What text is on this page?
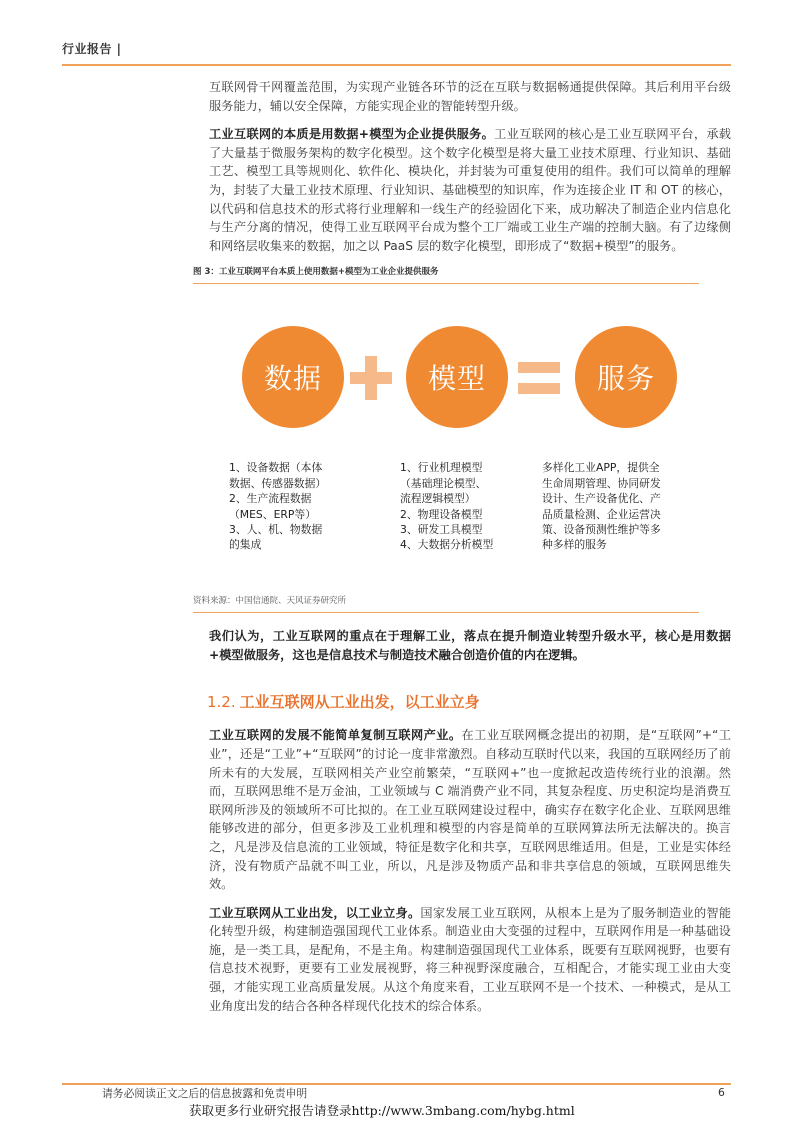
行业报告 |

互联网骨干网覆盖范围，为实现产业链各环节的泛在互联与数据畅通提供保障。其后利用平台级服务能力，辅以安全保障，方能实现企业的智能转型升级。

工业互联网的本质是用数据+模型为企业提供服务。工业互联网的核心是工业互联网平台，承载了大量基于微服务架构的数字化模型。这个数字化模型是将大量工业技术原理、行业知识、基础工艺、模型工具等规则化、软件化、模块化，并封装为可重复使用的组件。我们可以简单的理解为，封装了大量工业技术原理、行业知识、基础模型的知识库，作为连接企业 IT 和 OT 的核心，以代码和信息技术的形式将行业理解和一线生产的经验固化下来，成功解决了制造企业内信息化与生产分离的情况，使得工业互联网平台成为整个工厂端或工业生产端的控制大脑。有了边缘侧和网络层收集来的数据，加之以 PaaS 层的数字化模型，即形成了“数据+模型”的服务。

图 3：工业互联网平台本质上使用数据+模型为工业企业提供服务
数据	模型	服务
1、设备数据（本体
数据、传感器数据）
2、生产流程数据
（MES、ERP等）
3、人、机、物数据
的集成
1、行业机理模型
（基础理论模型、
流程逻辑模型）
2、物理设备模型
3、研发工具模型
4、大数据分析模型
多样化工业APP，提供全
生命周期管理、协同研发
设计、生产设备优化、产
品质量检测、企业运营决
策、设备预测性维护等多
种多样的服务
资料来源：中国信通院、天风证券研究所
我们认为，工业互联网的重点在于理解工业，落点在提升制造业转型升级水平，核心是用数据+模型做服务，这也是信息技术与制造技术融合创造价值的内在逻辑。
1.2. 工业互联网从工业出发，以工业立身

工业互联网的发展不能简单复制互联网产业。在工业互联网概念提出的初期，是“互联网”+“工业”，还是“工业”+“互联网”的讨论一度非常激烈。自移动互联时代以来，我国的互联网经历了前所未有的大发展，互联网相关产业空前繁荣，“互联网+”也一度掀起改造传统行业的浪潮。然而，互联网思维不是万金油，工业领域与 C 端消费产业不同，其复杂程度、历史积淀均是消费互联网所涉及的领域所不可比拟的。在工业互联网建设过程中，确实存在数字化企业、互联网思维能够改进的部分，但更多涉及工业机理和模型的内容是简单的互联网算法所无法解决的。换言之，凡是涉及信息流的工业领域，特征是数字化和共享，互联网思维适用。但是，工业是实体经济，没有物质产品就不叫工业，所以，凡是涉及物质产品和非共享信息的领域，互联网思维失效。

工业互联网从工业出发，以工业立身。国家发展工业互联网，从根本上是为了服务制造业的智能化转型升级，构建制造强国现代工业体系。制造业由大变强的过程中，互联网作用是一种基础设施，是一类工具，是配角，不是主角。构建制造强国现代工业体系，既要有互联网视野，也要有信息技术视野，更要有工业发展视野，将三种视野深度融合，互相配合，才能实现工业由大变强，才能实现工业高质量发展。从这个角度来看，工业互联网不是一个技术、一种模式，是从工业角度出发的结合各种各样现代化技术的综合体系。

请务必阅读正文之后的信息披露和免责申明	6
获取更多行业研究报告请登录http://www.3mbang.com/hybg.html
